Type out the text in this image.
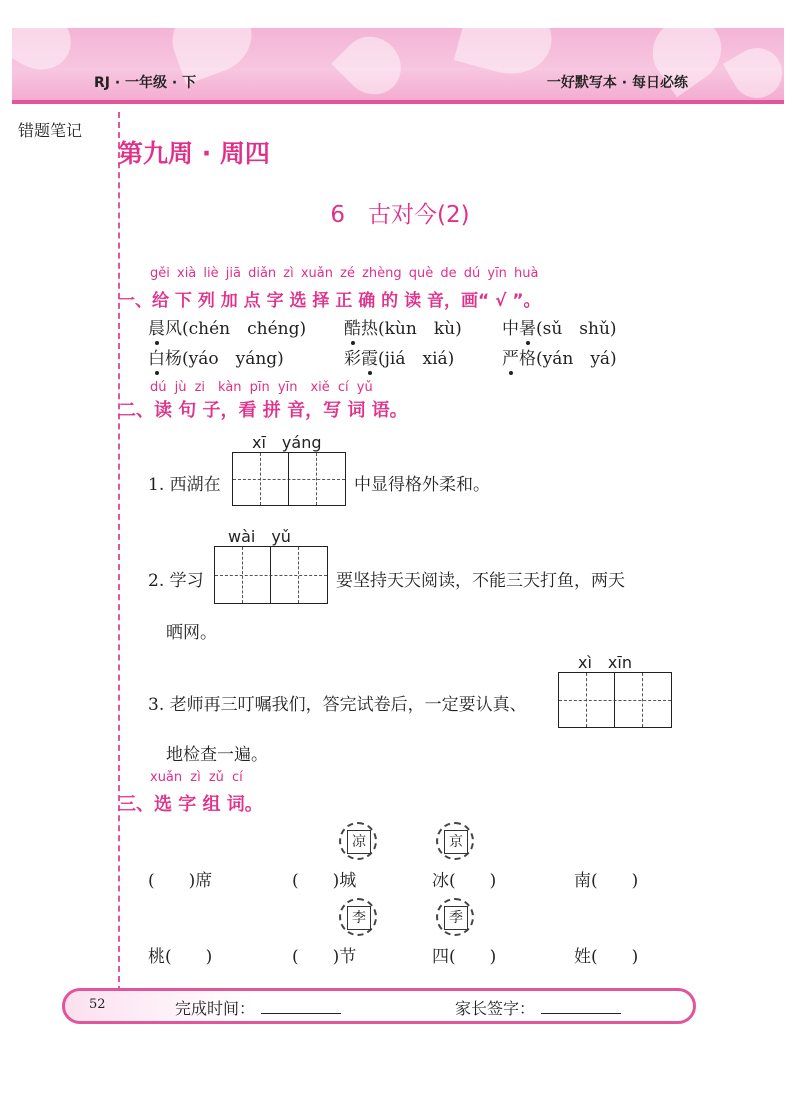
RJ · 一年级 · 下	一好默写本 · 每日必练
错题笔记
第九周 · 周四
6　古对今(2)
gěi xià liè jiā diǎn zì xuǎn zé zhèng què de dú yīn huà
一、给 下 列 加 点 字 选 择 正 确 的 读 音，画“ √ ”。
晨风(chén　chéng) 酷热(kùn　kù) 中暑(sǔ　shǔ)
白杨(yáo　yáng)	彩霞(jiá　xiá)	严格(yán　yá)
dú jù zi　kàn pīn yīn　xiě cí yǔ
二、读 句 子，看 拼 音，写 词 语。
xī　yáng
1. 西湖在	中显得格外柔和。
wài　yǔ
2. 学习	要坚持天天阅读，不能三天打鱼，两天
晒网。
xì　xīn
3. 老师再三叮嘱我们，答完试卷后，一定要认真、
地检查一遍。
xuǎn zì zǔ cí
三、选 字 组 词。
凉	京
(　　)席	(　　)城	冰(　　)	南(　　)
李	季
桃(　　)	(　　)节	四(　　)	姓(　　)
52	完成时间：	家长签字：
